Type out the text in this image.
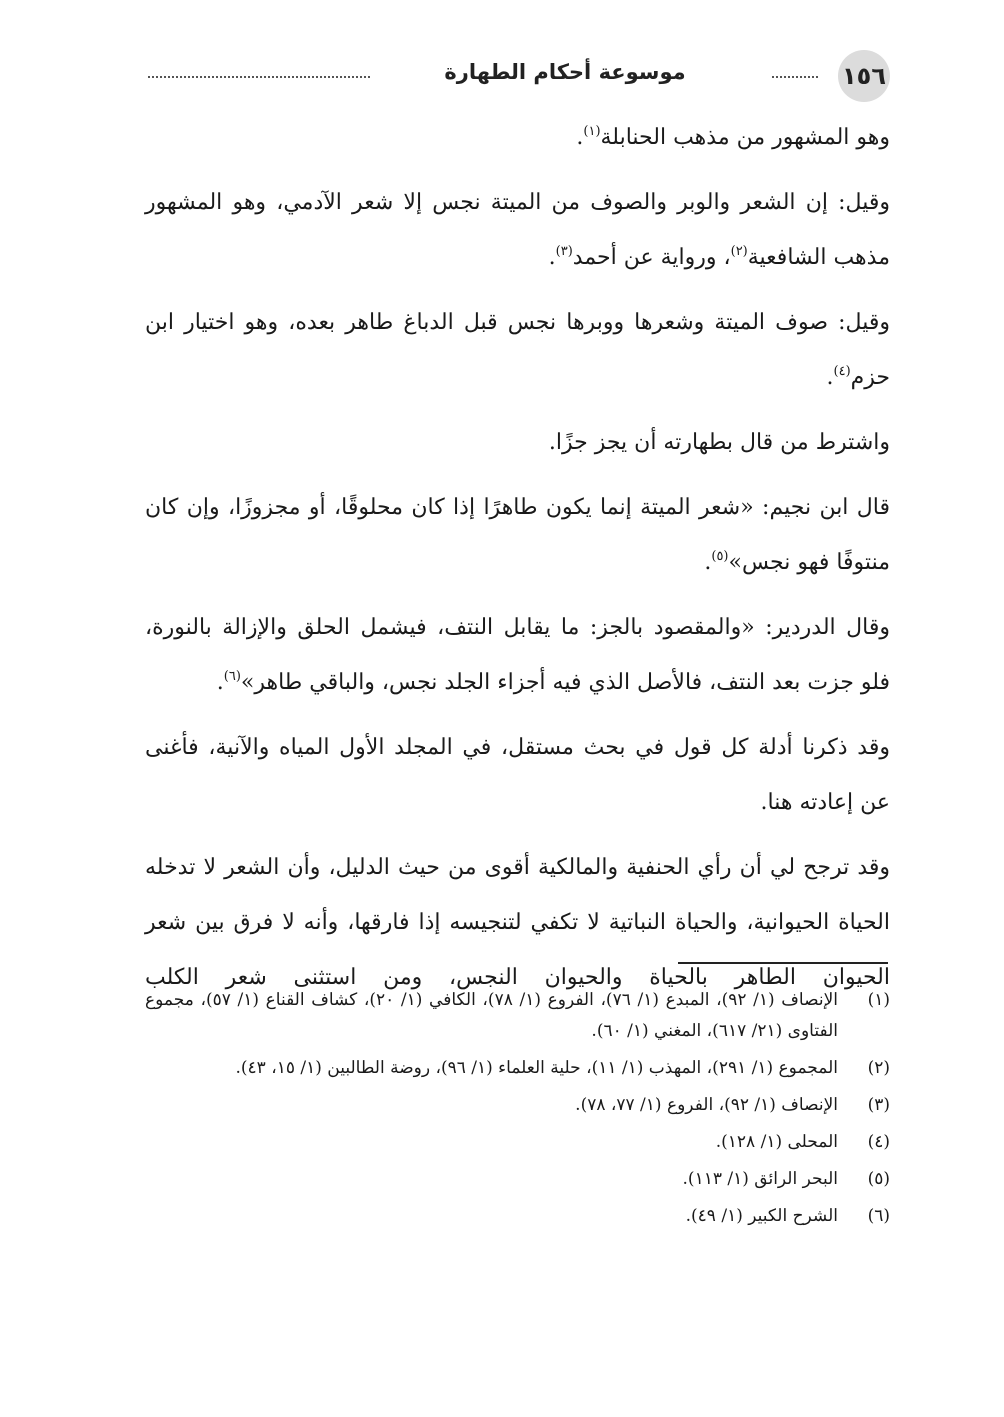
١٥٦
موسوعة أحكام الطهارة

وهو المشهور من مذهب الحنابلة$^{(١)}$.

وقيل: إن الشعر والوبر والصوف من الميتة نجس إلا شعر الآدمي، وهو المشهور مذهب الشافعية$^{(٢)}$، ورواية عن أحمد$^{(٣)}$.

وقيل: صوف الميتة وشعرها ووبرها نجس قبل الدباغ طاهر بعده، وهو اختيار ابن حزم$^{(٤)}$.

واشترط من قال بطهارته أن يجز جزًا.

قال ابن نجيم: «شعر الميتة إنما يكون طاهرًا إذا كان محلوقًا، أو مجزوزًا، وإن كان منتوفًا فهو نجس»$^{(٥)}$.

وقال الدردير: «والمقصود بالجز: ما يقابل النتف، فيشمل الحلق والإزالة بالنورة، فلو جزت بعد النتف، فالأصل الذي فيه أجزاء الجلد نجس، والباقي طاهر»$^{(٦)}$.

وقد ذكرنا أدلة كل قول في بحث مستقل، في المجلد الأول المياه والآنية، فأغنى عن إعادته هنا.

وقد ترجح لي أن رأي الحنفية والمالكية أقوى من حيث الدليل، وأن الشعر لا تدخله الحياة الحيوانية، والحياة النباتية لا تكفي لتنجيسه إذا فارقها، وأنه لا فرق بين شعر الحيوان الطاهر بالحياة والحيوان النجس، ومن استثنى شعر الكلب

(١)
الإنصاف (١/ ٩٢)، المبدع (١/ ٧٦)، الفروع (١/ ٧٨)، الكافي (١/ ٢٠)، كشاف القناع (١/ ٥٧)، مجموع الفتاوى (٢١/ ٦١٧)، المغني (١/ ٦٠).
(٢)
المجموع (١/ ٢٩١)، المهذب (١/ ١١)، حلية العلماء (١/ ٩٦)، روضة الطالبين (١/ ١٥، ٤٣).
(٣)
الإنصاف (١/ ٩٢)، الفروع (١/ ٧٧، ٧٨).
(٤)
المحلى (١/ ١٢٨).
(٥)
البحر الرائق (١/ ١١٣).
(٦)
الشرح الكبير (١/ ٤٩).
